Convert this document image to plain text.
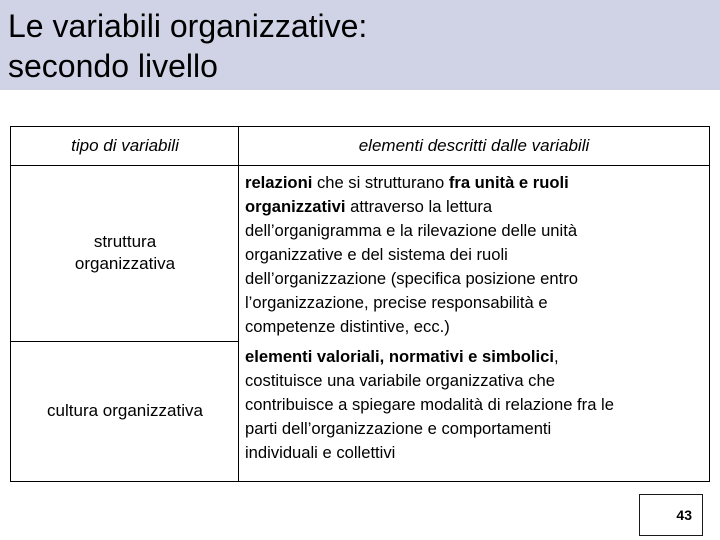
Le variabili organizzative:
secondo livello
tipo di variabili	elementi descritti dalle variabili
struttura
organizzativa
relazioni che si strutturano fra unità e ruoli
organizzativi attraverso la lettura
dell’organigramma e la rilevazione delle unità
organizzative e del sistema dei ruoli
dell’organizzazione (specifica posizione entro
l’organizzazione, precise responsabilità e
competenze distintive, ecc.)
cultura organizzativa
elementi valoriali, normativi e simbolici,
costituisce una variabile organizzativa che
contribuisce a spiegare modalità di relazione fra le
parti dell’organizzazione e comportamenti
individuali e collettivi
43
